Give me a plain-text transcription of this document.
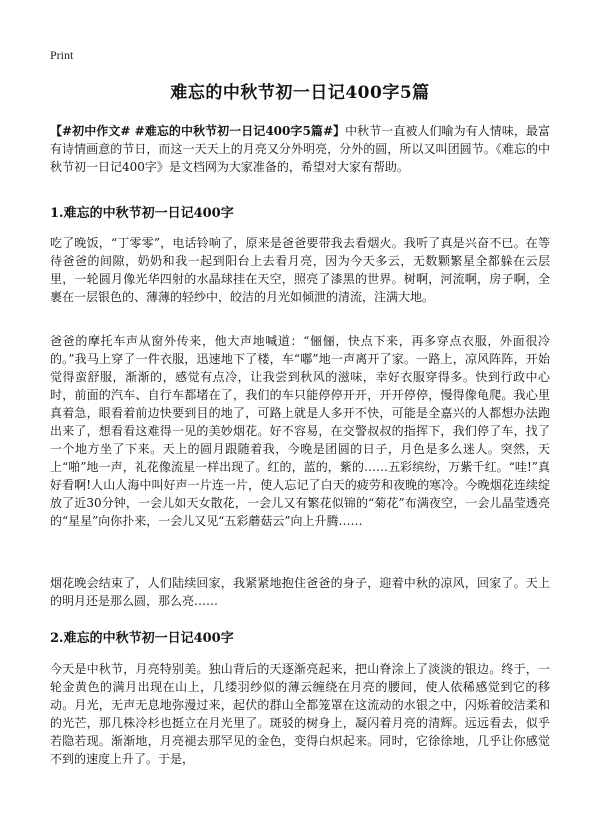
Print
难忘的中秋节初一日记400字5篇
【#初中作文# #难忘的中秋节初一日记400字5篇#】中秋节一直被人们喻为有人情味，最富有诗情画意的节日，而这一天天上的月亮又分外明亮，分外的圆，所以又叫团圆节。《难忘的中秋节初一日记400字》是文档网为大家准备的，希望对大家有帮助。
1.难忘的中秋节初一日记400字
吃了晚饭，“丁零零”，电话铃响了，原来是爸爸要带我去看烟火。我听了真是兴奋不已。在等待爸爸的间隙，奶奶和我一起到阳台上去看月亮，因为今天多云，无数颗繁星全都躲在云层里，一轮圆月像光华四射的水晶球挂在天空，照亮了漆黑的世界。树啊，河流啊，房子啊，全裹在一层银色的、薄薄的轻纱中，皎洁的月光如倾泄的清流，注满大地。
爸爸的摩托车声从窗外传来，他大声地喊道：“俪俪，快点下来，再多穿点衣服，外面很冷的。”我马上穿了一件衣服，迅速地下了楼，车“嘟”地一声离开了家。一路上，凉风阵阵，开始觉得蛮舒服，渐渐的，感觉有点冷，让我尝到秋风的滋味，幸好衣服穿得多。快到行政中心时，前面的汽车、自行车都堵在了，我们的车只能停停开开，开开停停，慢得像龟爬。我心里真着急，眼看着前边快要到目的地了，可路上就是人多开不快，可能是全嘉兴的人都想办法跑出来了，想看看这难得一见的美妙烟花。好不容易，在交警叔叔的指挥下，我们停了车，找了一个地方坐了下来。天上的圆月跟随着我，今晚是团圆的日子，月色是多么迷人。突然，天上“啪”地一声，礼花像流星一样出现了。红的，蓝的，紫的……五彩缤纷，万紫千红。“哇!”真好看啊!人山人海中叫好声一片连一片，使人忘记了白天的疲劳和夜晚的寒冷。今晚烟花连续绽放了近30分钟，一会儿如天女散花，一会儿又有繁花似锦的“菊花”布满夜空，一会儿晶莹透亮的“星星”向你扑来，一会儿又见“五彩蘑菇云”向上升腾……
烟花晚会结束了，人们陆续回家，我紧紧地抱住爸爸的身子，迎着中秋的凉风，回家了。天上的明月还是那么圆，那么亮……
2.难忘的中秋节初一日记400字
今天是中秋节，月亮特别美。独山背后的天逐渐亮起来，把山脊涂上了淡淡的银边。终于，一轮金黄色的满月出现在山上，几缕羽纱似的薄云缠绕在月亮的腰间，使人依稀感觉到它的移动。月光，无声无息地弥漫过来，起伏的群山全都笼罩在这流动的水银之中，闪烁着皎洁柔和的光芒，那几株冷杉也挺立在月光里了。斑驳的树身上，凝闪着月亮的清辉。远远看去，似乎若隐若现。渐渐地，月亮褪去那罕见的金色，变得白炽起来。同时，它徐徐地，几乎让你感觉不到的速度上升了。于是，
